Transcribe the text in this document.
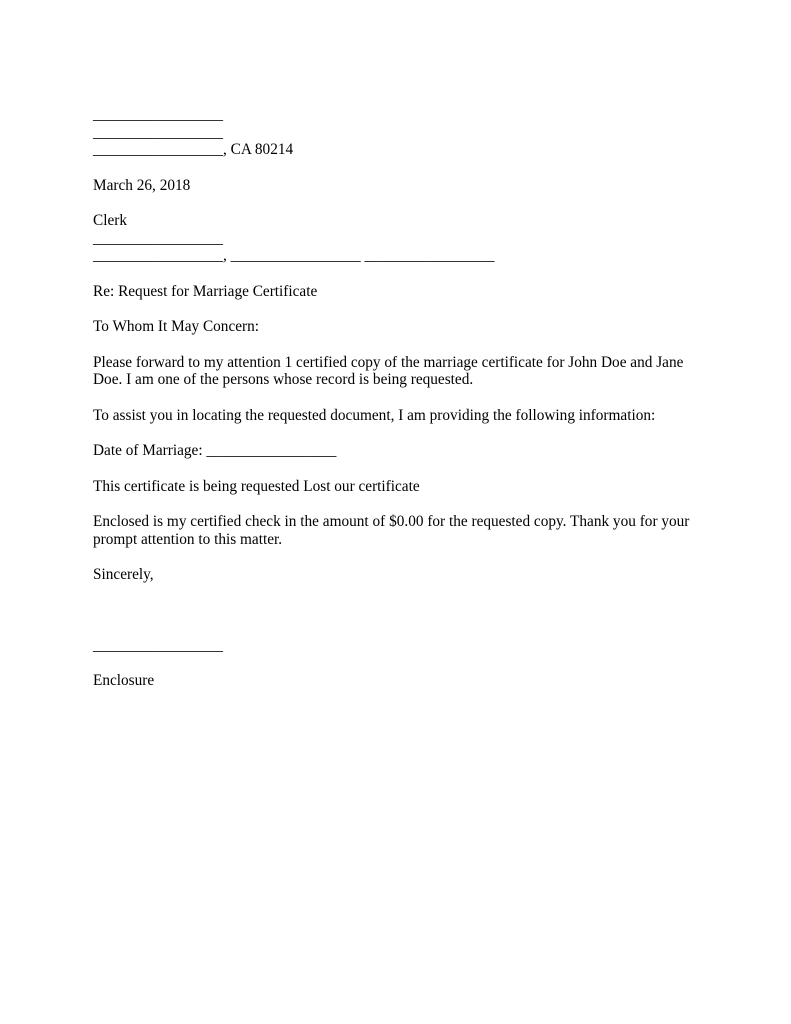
_________________
_________________
_________________, CA 80214

March 26, 2018

Clerk
_________________
_________________, _________________ _________________

Re: Request for Marriage Certificate

To Whom It May Concern:

Please forward to my attention 1 certified copy of the marriage certificate for John Doe and Jane Doe. I am one of the persons whose record is being requested.

To assist you in locating the requested document, I am providing the following information:

Date of Marriage: _________________

This certificate is being requested Lost our certificate

Enclosed is my certified check in the amount of $0.00 for the requested copy. Thank you for your prompt attention to this matter.

Sincerely,

_________________

Enclosure
